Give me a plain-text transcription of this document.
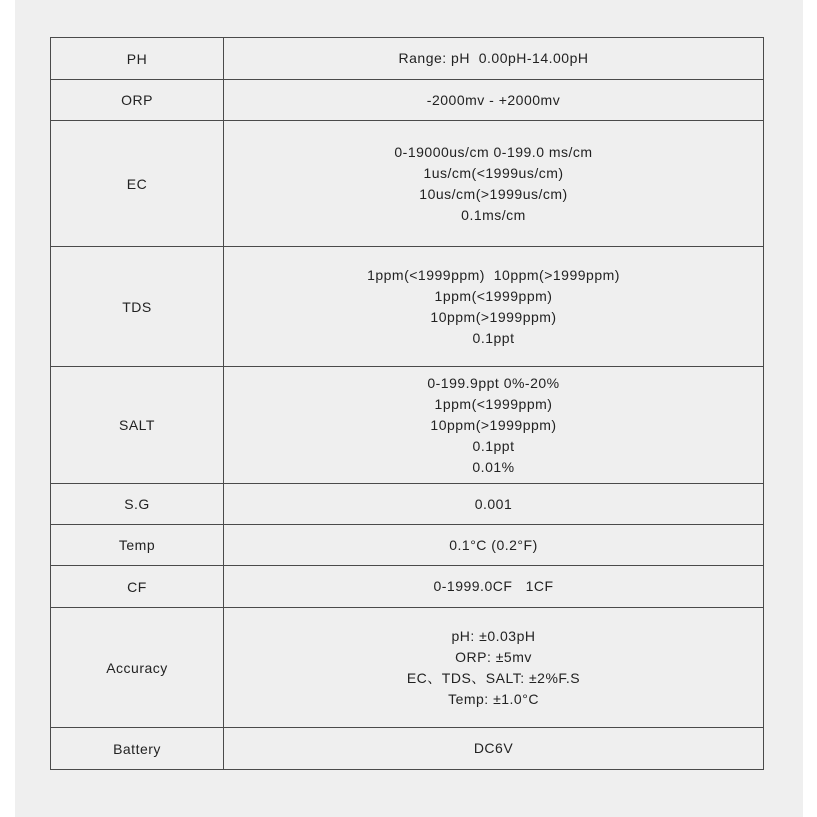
PH	Range: pH  0.00pH-14.00pH

ORP	-2000mv - +2000mv

EC	0-19000us/cm 0-199.0 ms/cm
1us/cm(<1999us/cm)
10us/cm(>1999us/cm)
0.1ms/cm

TDS	1ppm(<1999ppm)  10ppm(>1999ppm)
1ppm(<1999ppm)
10ppm(>1999ppm)
0.1ppt

SALT	0-199.9ppt 0%-20%
1ppm(<1999ppm)
10ppm(>1999ppm)
0.1ppt
0.01%

S.G	0.001

Temp	0.1°C (0.2°F)

CF	0-1999.0CF   1CF

Accuracy	pH: ±0.03pH
ORP: ±5mv
EC、TDS、SALT: ±2%F.S
Temp: ±1.0°C

Battery	DC6V
